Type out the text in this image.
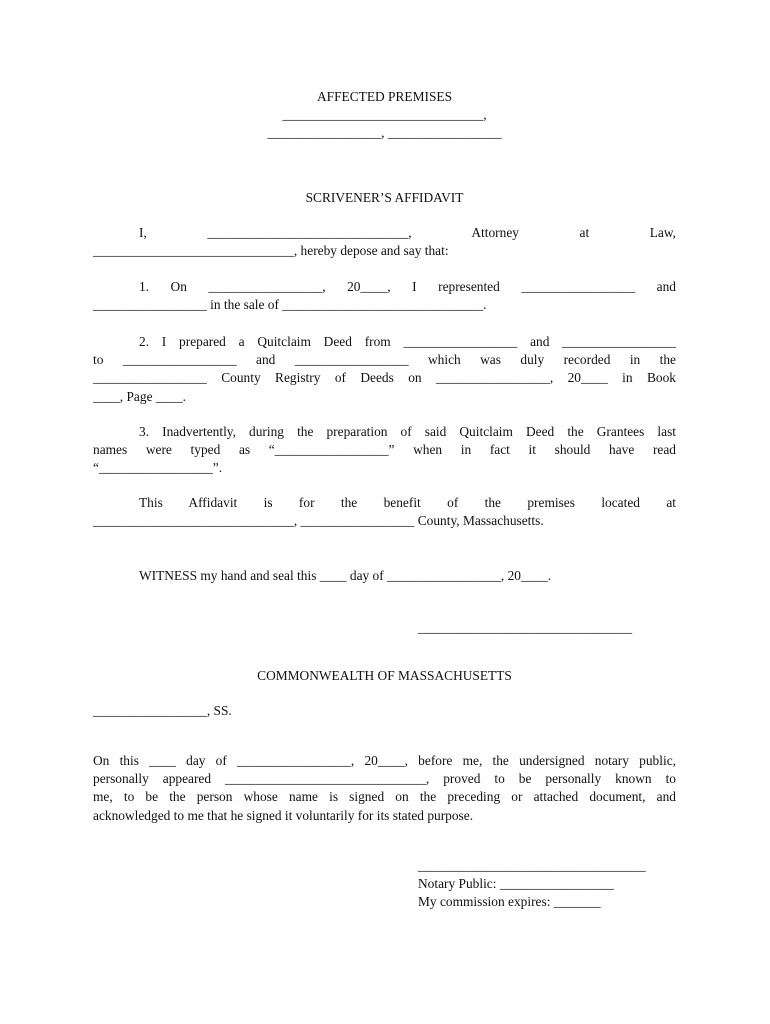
AFFECTED PREMISES
______________________________,
_________________, _________________
SCRIVENER’S AFFIDAVIT
I, ______________________________, Attorney at Law,
______________________________, hereby depose and say that:
1. On _________________, 20____, I represented _________________ and
_________________ in the sale of ______________________________.
2. I prepared a Quitclaim Deed from _________________ and _________________
to _________________ and _________________ which was duly recorded in the
_________________ County Registry of Deeds on _________________, 20____ in Book
____, Page ____.
3. Inadvertently, during the preparation of said Quitclaim Deed the Grantees last
names were typed as “_________________” when in fact it should have read
“_________________”.
This Affidavit is for the benefit of the premises located at
______________________________, _________________ County, Massachusetts.
WITNESS my hand and seal this ____ day of _________________, 20____.
________________________________
COMMONWEALTH OF MASSACHUSETTS
_________________, SS.
On this ____ day of _________________, 20____, before me, the undersigned notary public,
personally appeared ______________________________, proved to be personally known to
me, to be the person whose name is signed on the preceding or attached document, and
acknowledged to me that he signed it voluntarily for its stated purpose.
__________________________________
Notary Public: _________________
My commission expires: _______
